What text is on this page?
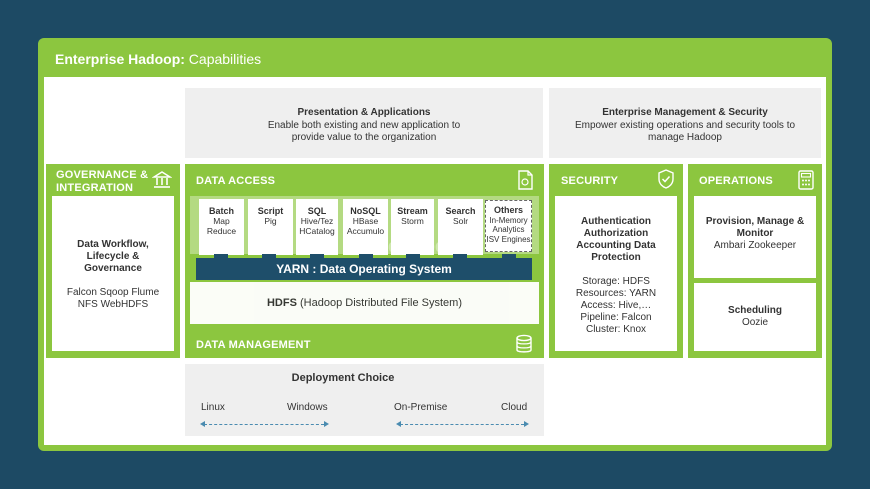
Enterprise Hadoop: Capabilities
Presentation & Applications
Enable both existing and new application to provide value to the organization
Enterprise Management & Security
Empower existing operations and security tools to manage Hadoop
GOVERNANCE & INTEGRATION
Data Workflow, Lifecycle & Governance
Falcon Sqoop Flume NFS WebHDFS
DATA ACCESS
Batch
Map
Reduce
Script
Pig
SQL
Hive/Tez
HCatalog
NoSQL
HBase
Accumulo
Stream
Storm
Search
Solr
Others
In-Memory
Analytics
ISV Engines
YARN : Data Operating System
HDFS (Hadoop Distributed File System)
DATA MANAGEMENT
SlideModel
SECURITY
Authentication Authorization Accounting Data Protection
Storage: HDFS
Resources: YARN
Access: Hive,…
Pipeline: Falcon
Cluster: Knox
OPERATIONS
Provision, Manage & Monitor
Ambari Zookeeper
Scheduling
Oozie
Deployment Choice
Linux	Windows	On-Premise	Cloud
